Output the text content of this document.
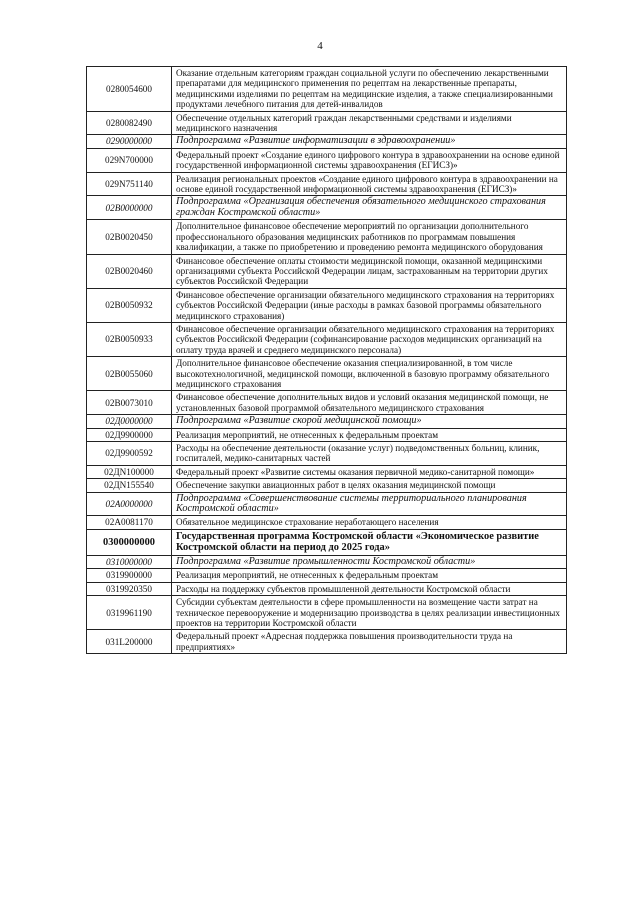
4
0280054600	Оказание отдельным категориям граждан социальной услуги по обеспечению лекарственными препаратами для медицинского применения по рецептам на лекарственные препараты, медицинскими изделиями по рецептам на медицинские изделия, а также специализированными продуктами лечебного питания для детей-инвалидов
0280082490	Обеспечение отдельных категорий граждан лекарственными средствами и изделиями медицинского назначения
0290000000	Подпрограмма «Развитие информатизации в здравоохранении»
029N700000	Федеральный проект «Создание единого цифрового контура в здравоохранении на основе единой государственной информационной системы здравоохранения (ЕГИСЗ)»
029N751140	Реализация региональных проектов «Создание единого цифрового контура в здравоохранении на основе единой государственной информационной системы здравоохранения (ЕГИСЗ)»
02В0000000	Подпрограмма «Организация обеспечения обязательного медицинского страхования граждан Костромской области»
02В0020450	Дополнительное финансовое обеспечение мероприятий по организации дополнительного профессионального образования медицинских работников по программам повышения квалификации, а также по приобретению и проведению ремонта медицинского оборудования
02В0020460	Финансовое обеспечение оплаты стоимости медицинской помощи, оказанной медицинскими организациями субъекта Российской Федерации лицам, застрахованным на территории других субъектов Российской Федерации
02В0050932	Финансовое обеспечение организации обязательного медицинского страхования на территориях субъектов Российской Федерации (иные расходы в рамках базовой программы обязательного медицинского страхования)
02В0050933	Финансовое обеспечение организации обязательного медицинского страхования на территориях субъектов Российской Федерации (софинансирование расходов медицинских организаций на оплату труда врачей и среднего медицинского персонала)
02В0055060	Дополнительное финансовое обеспечение оказания специализированной, в том числе высокотехнологичной, медицинской помощи, включенной в базовую программу обязательного медицинского страхования
02В0073010	Финансовое обеспечение дополнительных видов и условий оказания медицинской помощи, не установленных базовой программой обязательного медицинского страхования
02Д0000000	Подпрограмма «Развитие скорой медицинской помощи»
02Д9900000	Реализация мероприятий, не отнесенных к федеральным проектам
02Д9900592	Расходы на обеспечение деятельности (оказание услуг) подведомственных больниц, клиник, госпиталей, медико-санитарных частей
02ДN100000	Федеральный проект «Развитие системы оказания первичной медико-санитарной помощи»
02ДN155540	Обеспечение закупки авиационных работ в целях оказания медицинской помощи
02А0000000	Подпрограмма «Совершенствование системы территориального планирования Костромской области»
02А0081170	Обязательное медицинское страхование неработающего населения
0300000000	Государственная программа Костромской области «Экономическое развитие Костромской области на период до 2025 года»
0310000000	Подпрограмма «Развитие промышленности Костромской области»
0319900000	Реализация мероприятий, не отнесенных к федеральным проектам
0319920350	Расходы на поддержку субъектов промышленной деятельности Костромской области
0319961190	Субсидии субъектам деятельности в сфере промышленности на возмещение части затрат на техническое перевооружение и модернизацию производства в целях реализации инвестиционных проектов на территории Костромской области
031L200000	Федеральный проект «Адресная поддержка повышения производительности труда на предприятиях»
